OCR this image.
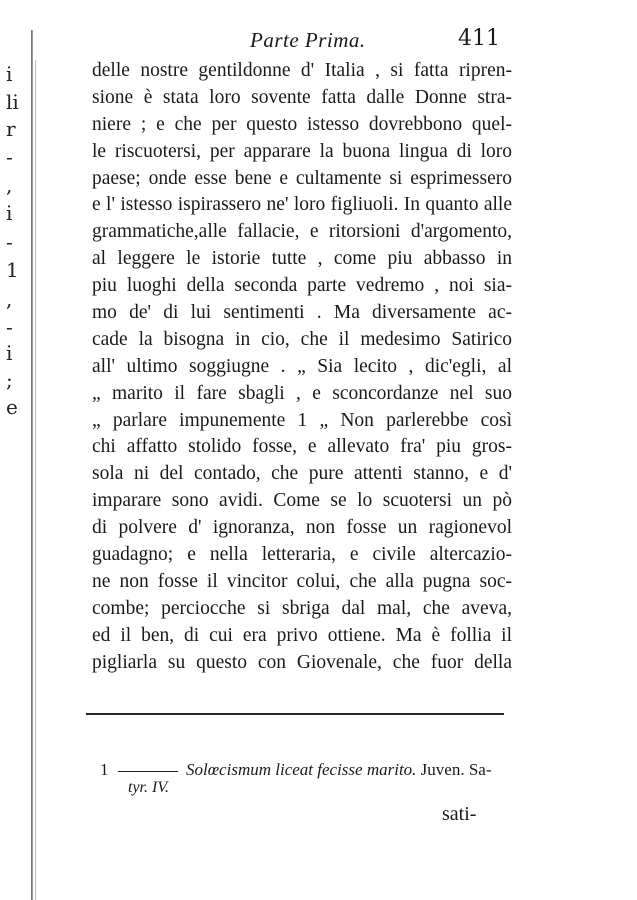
i
li
r
-
,
i
-
1
,
-
i
;
e
Parte Prima.	411
delle nostre gentildonne d' Italia , si fatta ripren-
sione è stata loro sovente fatta dalle Donne stra-
niere ; e che per questo istesso dovrebbono quel-
le riscuotersi, per apparare la buona lingua di loro
paese; onde esse bene e cultamente si esprimessero
e l' istesso ispirassero ne' loro figliuoli. In quanto alle
grammatiche,alle fallacie, e ritorsioni d'argomento,
al leggere le istorie tutte , come piu abbasso in
piu luoghi della seconda parte vedremo , noi sia-
mo de' di lui sentimenti . Ma diversamente ac-
cade la bisogna in cio, che il medesimo Satirico
all' ultimo soggiugne . „ Sia lecito , dic'egli, al
„ marito il fare sbagli , e sconcordanze nel suo
„ parlare impunemente 1 „ Non parlerebbe così
chi affatto stolido fosse, e allevato fra' piu gros-
sola ni del contado, che pure attenti stanno, e d'
imparare sono avidi. Come se lo scuotersi un pò
di polvere d' ignoranza, non fosse un ragionevol
guadagno; e nella letteraria, e civile altercazio-
ne non fosse il vincitor colui, che alla pugna soc-
combe; perciocche si sbriga dal mal, che aveva,
ed il ben, di cui era privo ottiene. Ma è follia il
pigliarla su questo con Giovenale, che fuor della
1	Solœcismum liceat fecisse marito. Juven. Sa-
tyr. IV.
sati-
